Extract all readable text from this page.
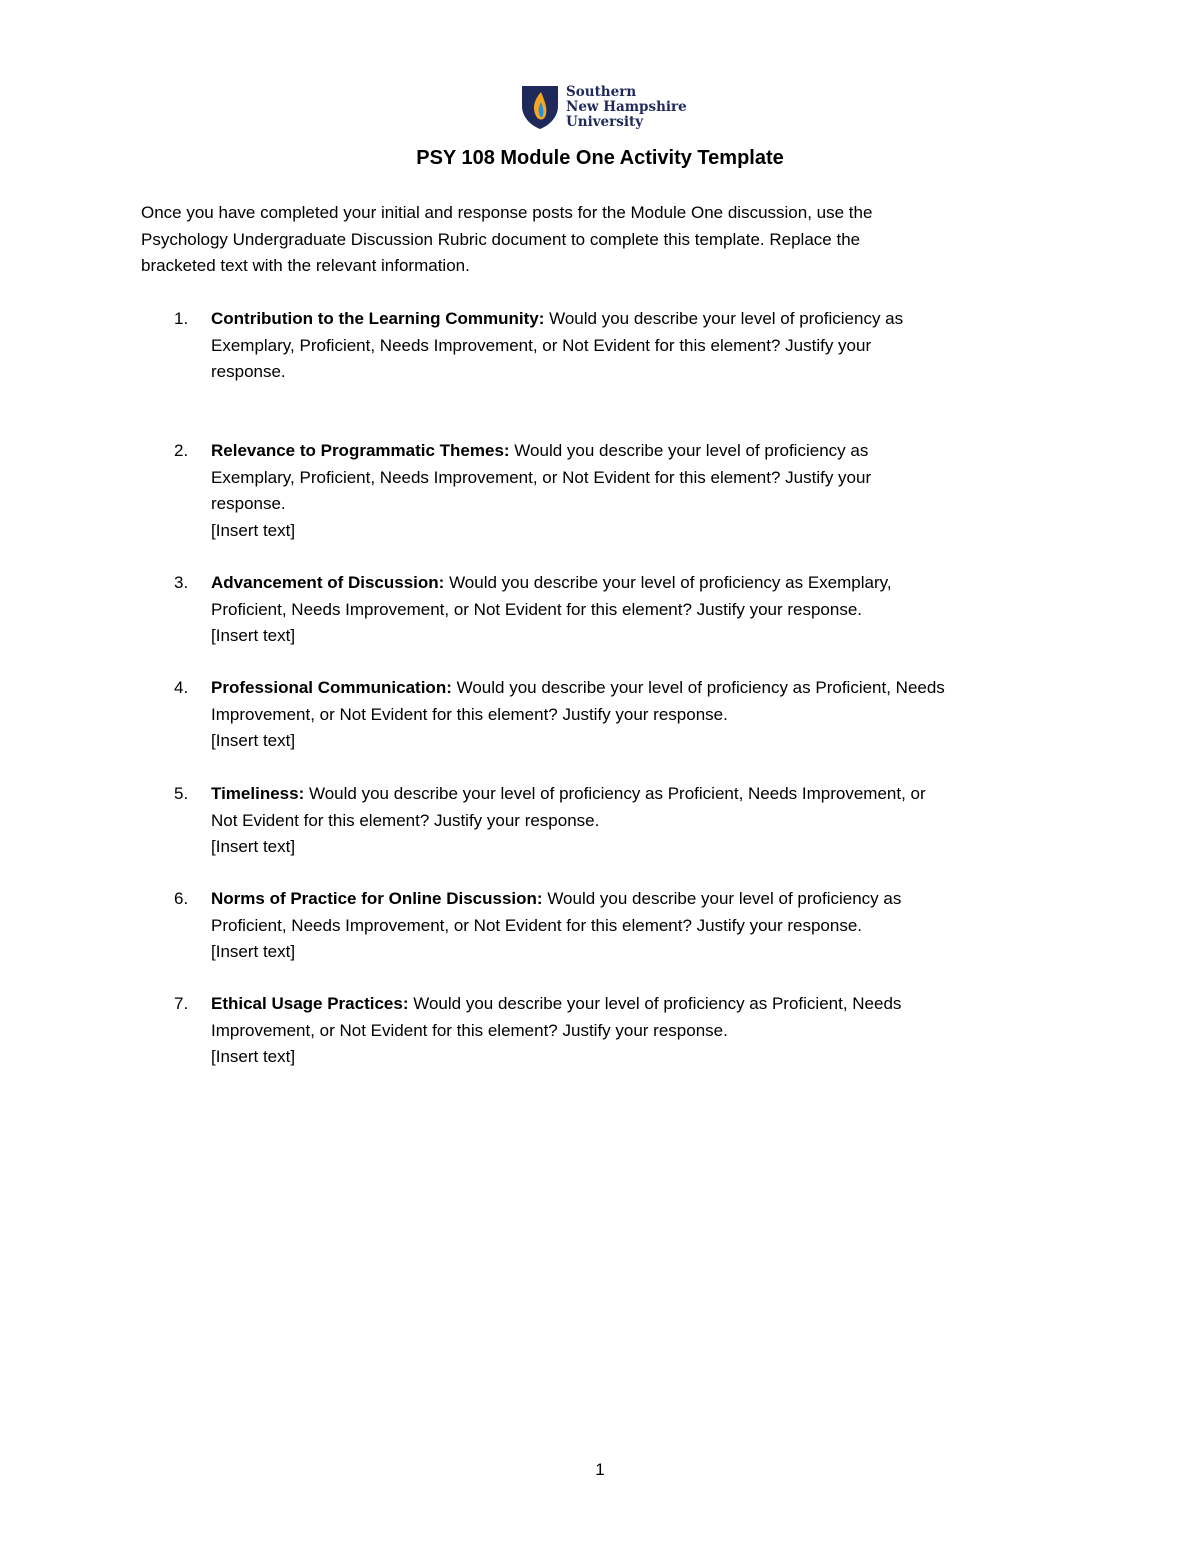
Southern
New Hampshire
University
PSY 108 Module One Activity Template
Once you have completed your initial and response posts for the Module One discussion, use the
Psychology Undergraduate Discussion Rubric document to complete this template. Replace the
bracketed text with the relevant information.
1. Contribution to the Learning Community: Would you describe your level of proficiency as
Exemplary, Proficient, Needs Improvement, or Not Evident for this element? Justify your
response.
2. Relevance to Programmatic Themes: Would you describe your level of proficiency as
Exemplary, Proficient, Needs Improvement, or Not Evident for this element? Justify your
response.
[Insert text]
3. Advancement of Discussion: Would you describe your level of proficiency as Exemplary,
Proficient, Needs Improvement, or Not Evident for this element? Justify your response.
[Insert text]
4. Professional Communication: Would you describe your level of proficiency as Proficient, Needs
Improvement, or Not Evident for this element? Justify your response.
[Insert text]
5. Timeliness: Would you describe your level of proficiency as Proficient, Needs Improvement, or
Not Evident for this element? Justify your response.
[Insert text]
6. Norms of Practice for Online Discussion: Would you describe your level of proficiency as
Proficient, Needs Improvement, or Not Evident for this element? Justify your response.
[Insert text]
7. Ethical Usage Practices: Would you describe your level of proficiency as Proficient, Needs
Improvement, or Not Evident for this element? Justify your response.
[Insert text]
1
